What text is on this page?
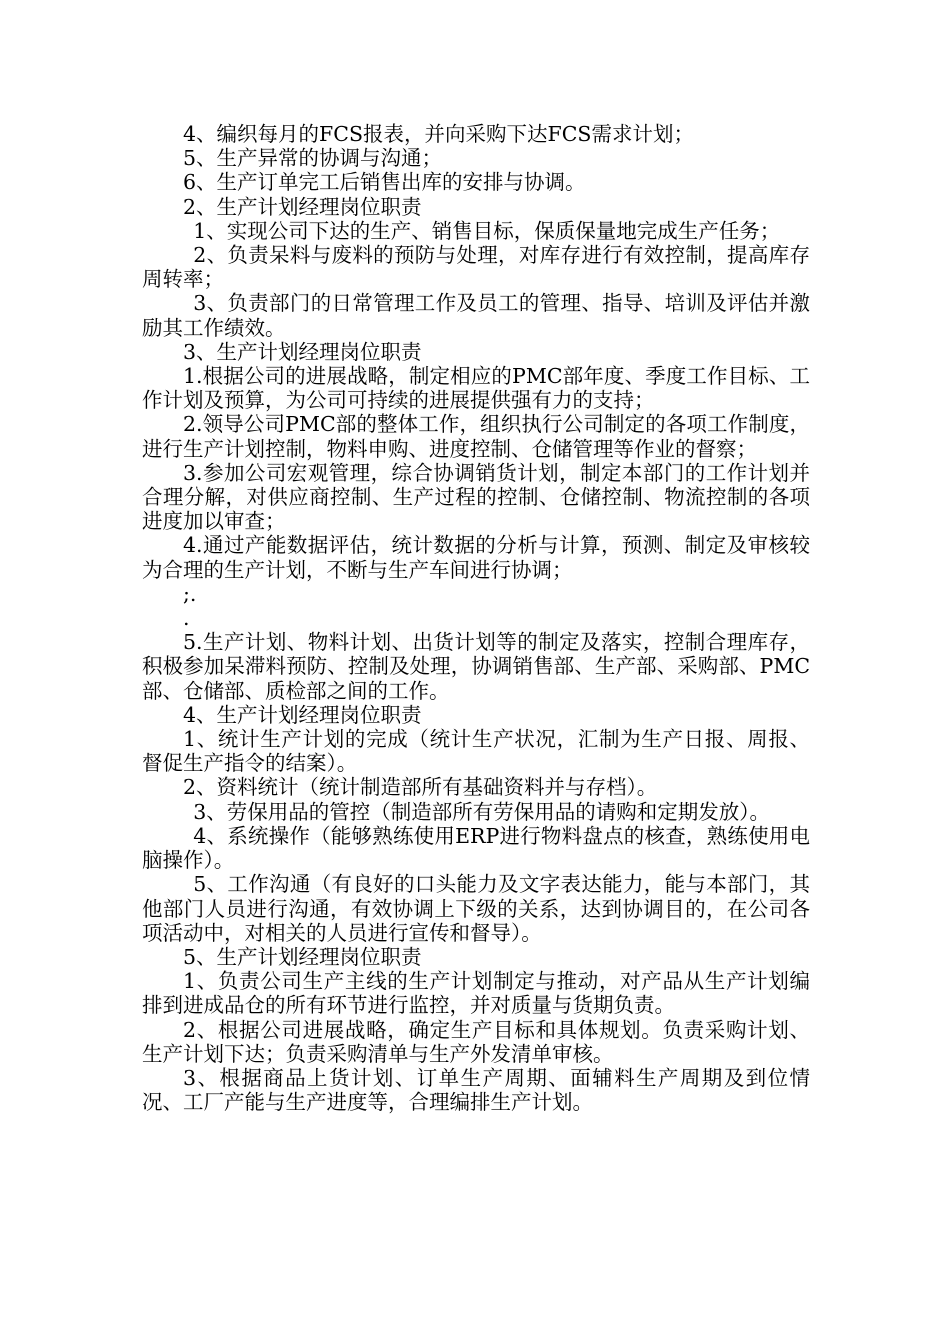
4、编织每月的FCS报表，并向采购下达FCS需求计划；

5、生产异常的协调与沟通；

6、生产订单完工后销售出库的安排与协调。

2、生产计划经理岗位职责

1、实现公司下达的生产、销售目标，保质保量地完成生产任务；

2、负责呆料与废料的预防与处理，对库存进行有效控制，提高库存周转率；

3、负责部门的日常管理工作及员工的管理、指导、培训及评估并激励其工作绩效。

3、生产计划经理岗位职责

1.根据公司的进展战略，制定相应的PMC部年度、季度工作目标、工作计划及预算，为公司可持续的进展提供强有力的支持；

2.领导公司PMC部的整体工作，组织执行公司制定的各项工作制度，进行生产计划控制，物料申购、进度控制、仓储管理等作业的督察；

3.参加公司宏观管理，综合协调销货计划，制定本部门的工作计划并合理分解，对供应商控制、生产过程的控制、仓储控制、物流控制的各项进度加以审查；

4.通过产能数据评估，统计数据的分析与计算，预测、制定及审核较为合理的生产计划，不断与生产车间进行协调；

;.

.

5.生产计划、物料计划、出货计划等的制定及落实，控制合理库存，积极参加呆滞料预防、控制及处理，协调销售部、生产部、采购部、PMC部、仓储部、质检部之间的工作。

4、生产计划经理岗位职责

1、统计生产计划的完成（统计生产状况，汇制为生产日报、周报、督促生产指令的结案）。

2、资料统计（统计制造部所有基础资料并与存档）。

3、劳保用品的管控（制造部所有劳保用品的请购和定期发放）。

4、系统操作（能够熟练使用ERP进行物料盘点的核查，熟练使用电脑操作）。

5、工作沟通（有良好的口头能力及文字表达能力，能与本部门，其他部门人员进行沟通，有效协调上下级的关系，达到协调目的，在公司各项活动中，对相关的人员进行宣传和督导）。

5、生产计划经理岗位职责

1、负责公司生产主线的生产计划制定与推动，对产品从生产计划编排到进成品仓的所有环节进行监控，并对质量与货期负责。

2、根据公司进展战略，确定生产目标和具体规划。负责采购计划、生产计划下达；负责采购清单与生产外发清单审核。

3、根据商品上货计划、订单生产周期、面辅料生产周期及到位情况、工厂产能与生产进度等，合理编排生产计划。
